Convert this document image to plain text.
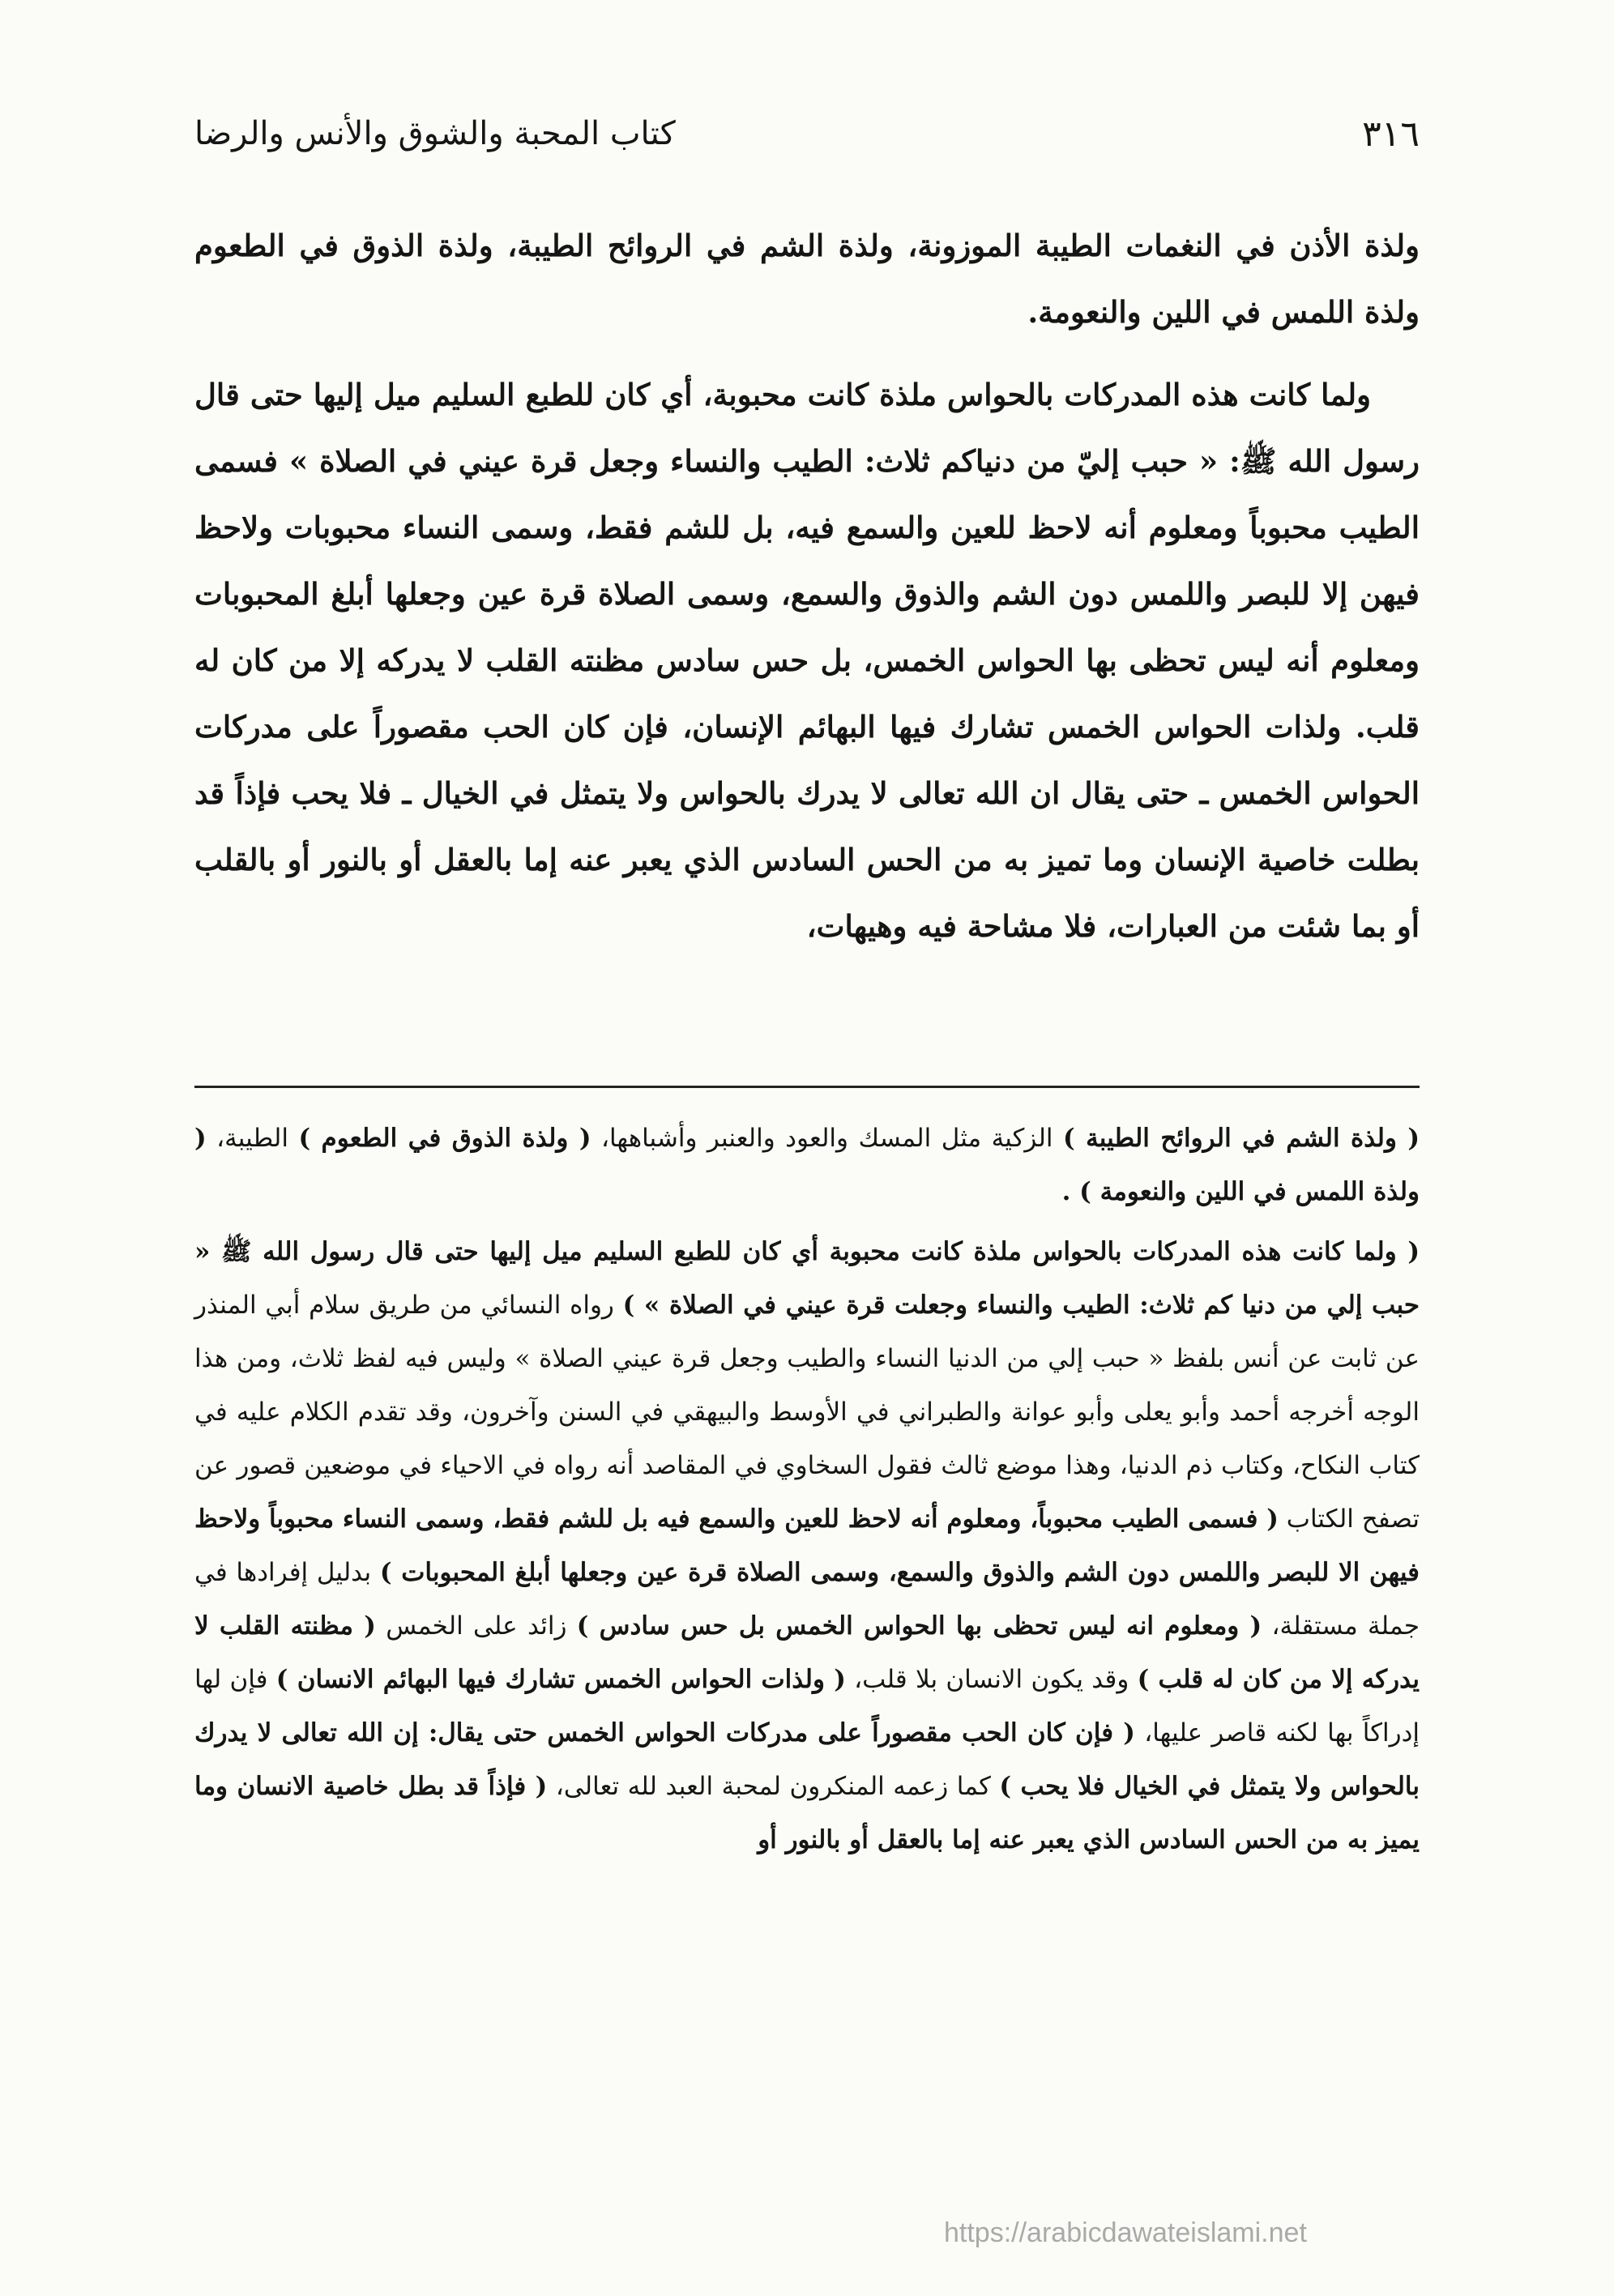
٣١٦
كتاب المحبة والشوق والأنس والرضا

ولذة الأذن في النغمات الطيبة الموزونة، ولذة الشم في الروائح الطيبة، ولذة الذوق في الطعوم ولذة اللمس في اللين والنعومة.

ولما كانت هذه المدركات بالحواس ملذة كانت محبوبة، أي كان للطبع السليم ميل إليها حتى قال رسول الله ﷺ: « حبب إليّ من دنياكم ثلاث: الطيب والنساء وجعل قرة عيني في الصلاة » فسمى الطيب محبوباً ومعلوم أنه لاحظ للعين والسمع فيه، بل للشم فقط، وسمى النساء محبوبات ولاحظ فيهن إلا للبصر واللمس دون الشم والذوق والسمع، وسمى الصلاة قرة عين وجعلها أبلغ المحبوبات ومعلوم أنه ليس تحظى بها الحواس الخمس، بل حس سادس مظنته القلب لا يدركه إلا من كان له قلب. ولذات الحواس الخمس تشارك فيها البهائم الإنسان، فإن كان الحب مقصوراً على مدركات الحواس الخمس ـ حتى يقال ان الله تعالى لا يدرك بالحواس ولا يتمثل في الخيال ـ فلا يحب فإذاً قد بطلت خاصية الإنسان وما تميز به من الحس السادس الذي يعبر عنه إما بالعقل أو بالنور أو بالقلب أو بما شئت من العبارات، فلا مشاحة فيه وهيهات،

( ولذة الشم في الروائح الطيبة ) الزكية مثل المسك والعود والعنبر وأشباهها، ( ولذة الذوق في الطعوم ) الطيبة، ( ولذة اللمس في اللين والنعومة ) .

( ولما كانت هذه المدركات بالحواس ملذة كانت محبوبة أي كان للطبع السليم ميل إليها حتى قال رسول الله ﷺ « حبب إلي من دنيا كم ثلاث: الطيب والنساء وجعلت قرة عيني في الصلاة » ) رواه النسائي من طريق سلام أبي المنذر عن ثابت عن أنس بلفظ « حبب إلي من الدنيا النساء والطيب وجعل قرة عيني الصلاة » وليس فيه لفظ ثلاث، ومن هذا الوجه أخرجه أحمد وأبو يعلى وأبو عوانة والطبراني في الأوسط والبيهقي في السنن وآخرون، وقد تقدم الكلام عليه في كتاب النكاح، وكتاب ذم الدنيا، وهذا موضع ثالث فقول السخاوي في المقاصد أنه رواه في الاحياء في موضعين قصور عن تصفح الكتاب ( فسمى الطيب محبوباً، ومعلوم أنه لاحظ للعين والسمع فيه بل للشم فقط، وسمى النساء محبوباً ولاحظ فيهن الا للبصر واللمس دون الشم والذوق والسمع، وسمى الصلاة قرة عين وجعلها أبلغ المحبوبات ) بدليل إفرادها في جملة مستقلة، ( ومعلوم انه ليس تحظى بها الحواس الخمس بل حس سادس ) زائد على الخمس ( مظنته القلب لا يدركه إلا من كان له قلب ) وقد يكون الانسان بلا قلب، ( ولذات الحواس الخمس تشارك فيها البهائم الانسان ) فإن لها إدراكاً بها لكنه قاصر عليها، ( فإن كان الحب مقصوراً على مدركات الحواس الخمس حتى يقال: إن الله تعالى لا يدرك بالحواس ولا يتمثل في الخيال فلا يحب ) كما زعمه المنكرون لمحبة العبد لله تعالى، ( فإذاً قد بطل خاصية الانسان وما يميز به من الحس السادس الذي يعبر عنه إما بالعقل أو بالنور أو

https://arabicdawateislami.net
